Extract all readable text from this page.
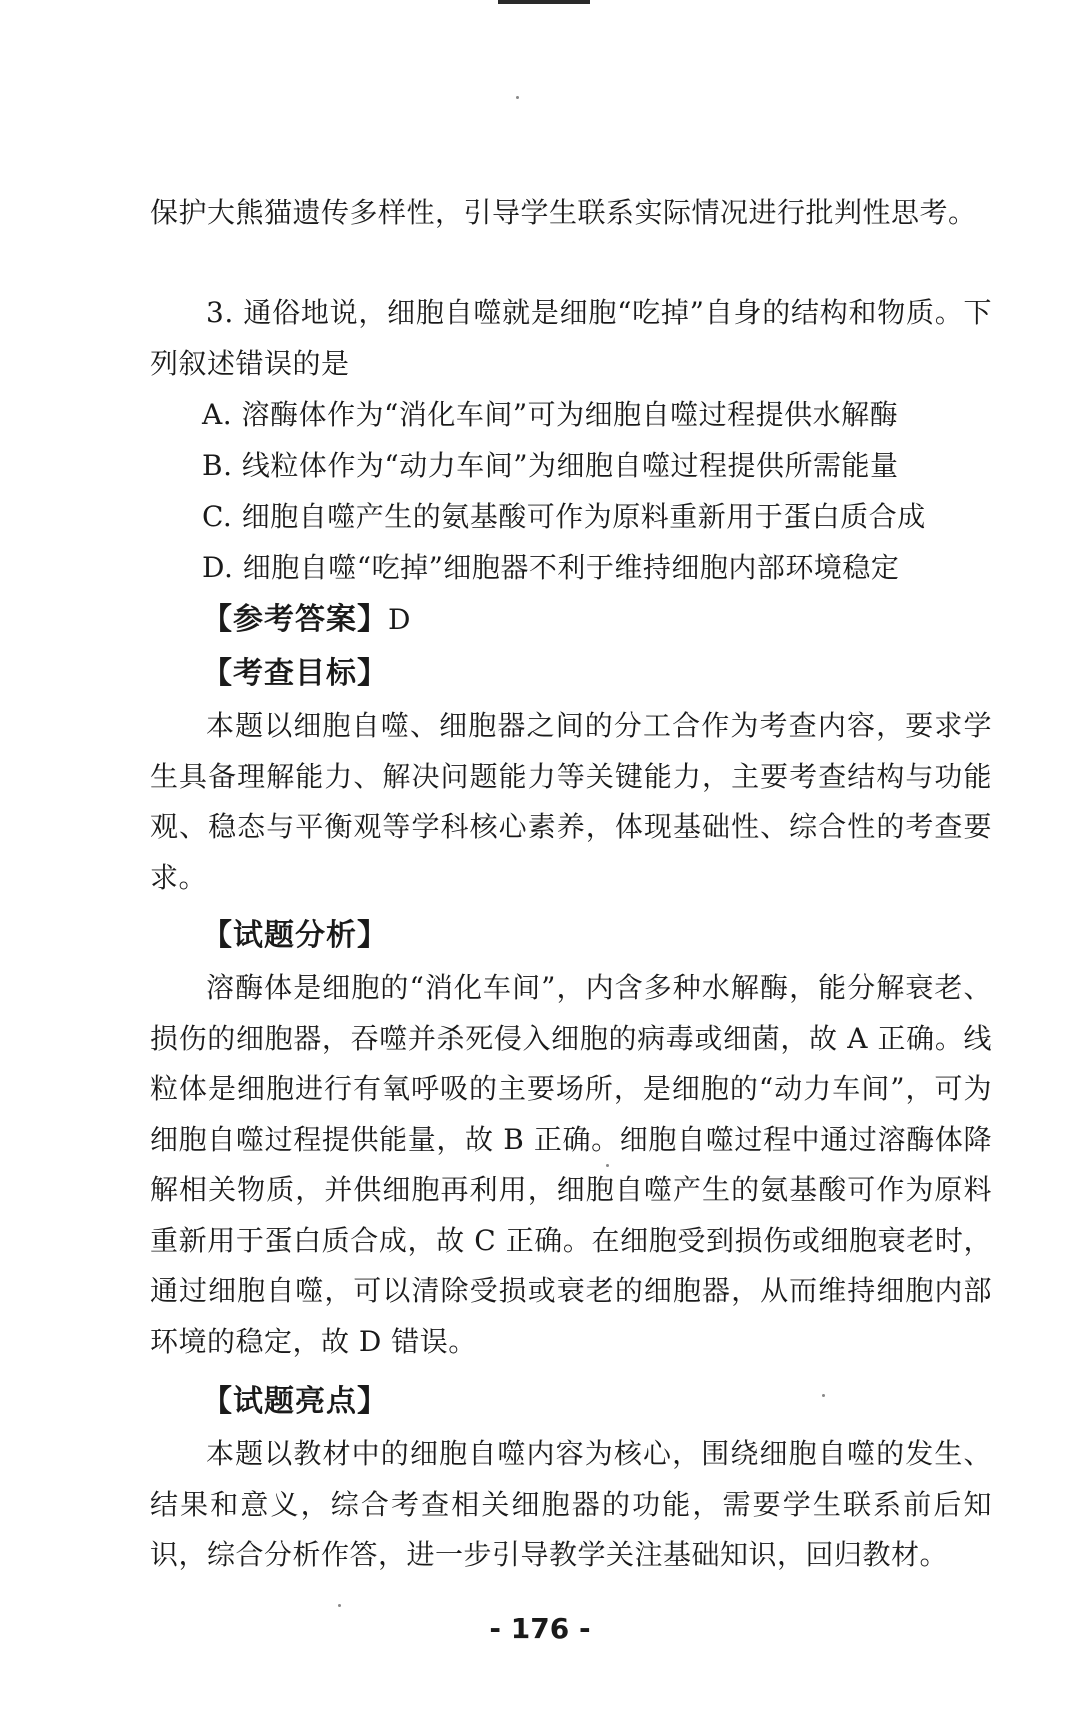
保护大熊猫遗传多样性，引导学生联系实际情况进行批判性思考。

3. 通俗地说，细胞自噬就是细胞“吃掉”自身的结构和物质。下列叙述错误的是

A. 溶酶体作为“消化车间”可为细胞自噬过程提供水解酶

B. 线粒体作为“动力车间”为细胞自噬过程提供所需能量

C. 细胞自噬产生的氨基酸可作为原料重新用于蛋白质合成

D. 细胞自噬“吃掉”细胞器不利于维持细胞内部环境稳定

【参考答案】D

【考查目标】

本题以细胞自噬、细胞器之间的分工合作为考查内容，要求学生具备理解能力、解决问题能力等关键能力，主要考查结构与功能观、稳态与平衡观等学科核心素养，体现基础性、综合性的考查要求。

【试题分析】

溶酶体是细胞的“消化车间”，内含多种水解酶，能分解衰老、损伤的细胞器，吞噬并杀死侵入细胞的病毒或细菌，故 A 正确。线粒体是细胞进行有氧呼吸的主要场所，是细胞的“动力车间”，可为细胞自噬过程提供能量，故 B 正确。细胞自噬过程中通过溶酶体降解相关物质，并供细胞再利用，细胞自噬产生的氨基酸可作为原料重新用于蛋白质合成，故 C 正确。在细胞受到损伤或细胞衰老时，通过细胞自噬，可以清除受损或衰老的细胞器，从而维持细胞内部环境的稳定，故 D 错误。

【试题亮点】

本题以教材中的细胞自噬内容为核心，围绕细胞自噬的发生、结果和意义，综合考查相关细胞器的功能，需要学生联系前后知识，综合分析作答，进一步引导教学关注基础知识，回归教材。

- 176 -
